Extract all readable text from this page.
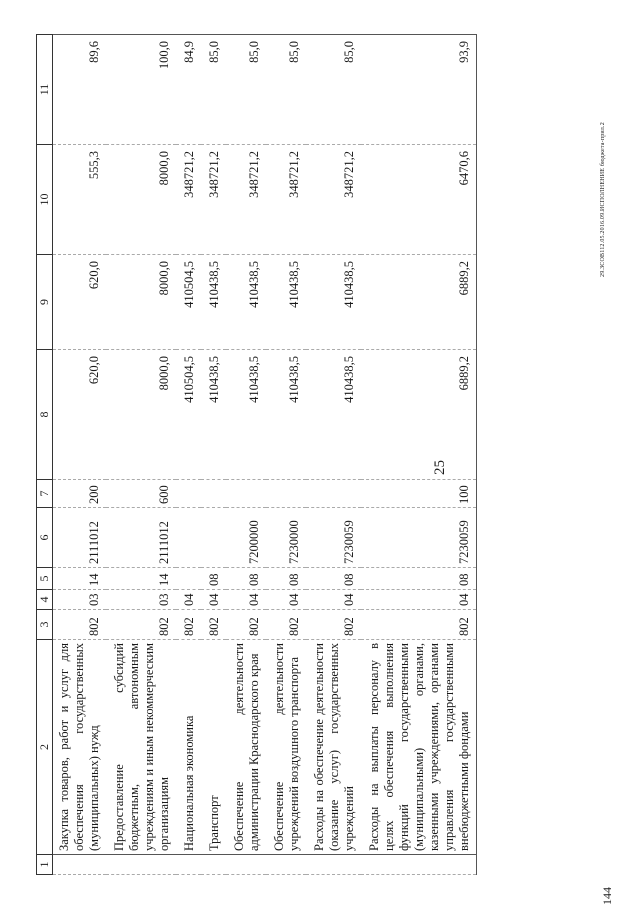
25
1	2	3	4	5	6	7	8	9	10	11
	Закупка товаров, работ и услуг для обеспечения государственных (муниципальных) нужд	802	03	14	2111012	200	620,0	620,0	555,3	89,6
	Предоставление субсидий бюджетным, автономным учреждениям и иным некоммерческим организациям	802	03	14	2111012	600	8000,0	8000,0	8000,0	100,0
	Национальная экономика	802	04				410504,5	410504,5	348721,2	84,9
	Транспорт	802	04	08			410438,5	410438,5	348721,2	85,0
	Обеспечение деятельности администрации Краснодарского края	802	04	08	7200000		410438,5	410438,5	348721,2	85,0
	Обеспечение деятельности учреждений воздушного транспорта	802	04	08	7230000		410438,5	410438,5	348721,2	85,0
	Расходы на обеспечение деятельности (оказание услуг) государственных учреждений	802	04	08	7230059		410438,5	410438,5	348721,2	85,0
	Расходы на выплаты персоналу в целях обеспечения выполнения функций государственными (муниципальными) органами, казенными учреждениями, органами управления государственными внебюджетными фондами	802	04	08	7230059	100	6889,2	6889,2	6470,6	93,9
144
29.ЗСОВ112.05.2016.09.ИСПОЛНЕНИЕ бюджета-прил.2
